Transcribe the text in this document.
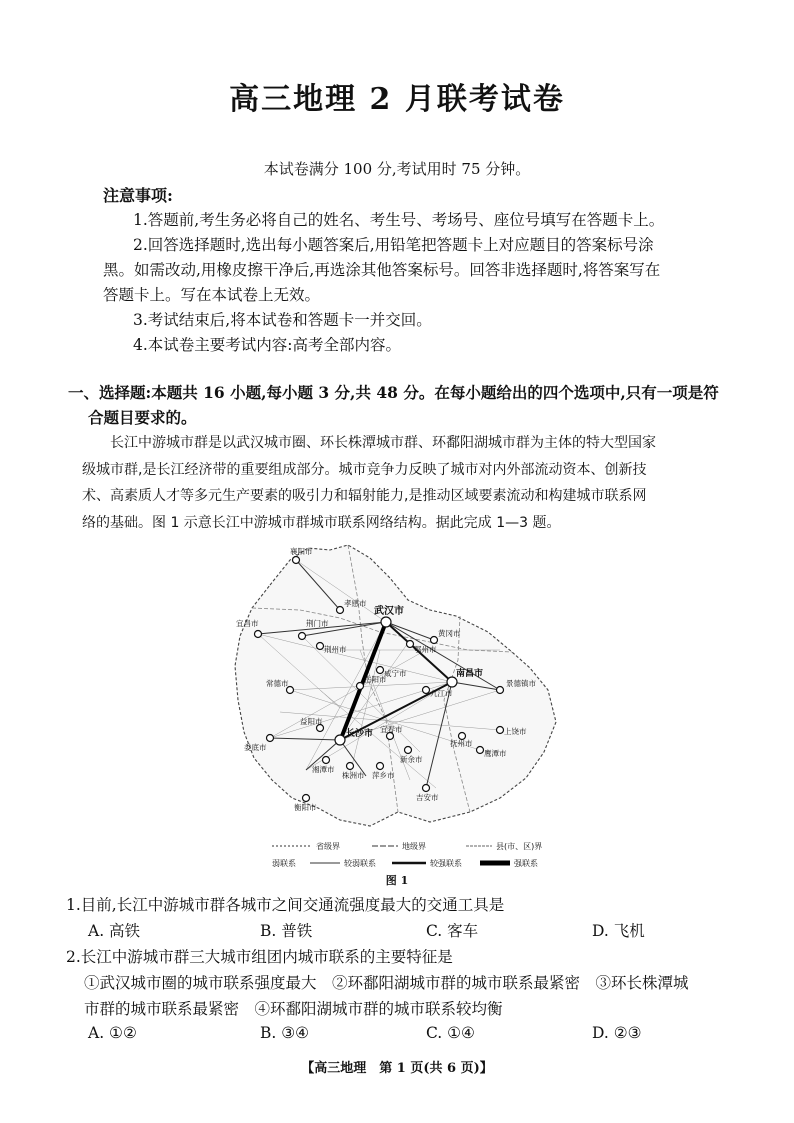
高三地理 2 月联考试卷
本试卷满分 100 分,考试用时 75 分钟。
注意事项:
1.答题前,考生务必将自己的姓名、考生号、考场号、座位号填写在答题卡上。
2.回答选择题时,选出每小题答案后,用铅笔把答题卡上对应题目的答案标号涂
黑。如需改动,用橡皮擦干净后,再选涂其他答案标号。回答非选择题时,将答案写在
答题卡上。写在本试卷上无效。
3.考试结束后,将本试卷和答题卡一并交回。
4.本试卷主要考试内容:高考全部内容。
一、选择题:本题共 16 小题,每小题 3 分,共 48 分。在每小题给出的四个选项中,只有一项是符
合题目要求的。
长江中游城市群是以武汉城市圈、环长株潭城市群、环鄱阳湖城市群为主体的特大型国家
级城市群,是长江经济带的重要组成部分。城市竞争力反映了城市对内外部流动资本、创新技
术、高素质人才等多元生产要素的吸引力和辐射能力,是推动区域要素流动和构建城市联系网
络的基础。图 1 示意长江中游城市群城市联系网络结构。据此完成 1—3 题。
襄阳市
荆门市
宜昌市
孝感市
武汉市
黄冈市
荆州市	鄂州市
咸宁市
九江市
常德市	景德镇市
益阳市
长沙市
南昌市
上饶市
娄底市
湘潭市
株洲市 萍乡市
新余市
抚州市
鹰潭市
宜春市
吉安市
衡阳市
岳阳市
省级界	地级界	县(市、区)界
弱联系	较弱联系	较强联系	强联系
图 1
1.目前,长江中游城市群各城市之间交通流强度最大的交通工具是
A. 高铁	B. 普铁	C. 客车	D. 飞机
2.长江中游城市群三大城市组团内城市联系的主要特征是
①武汉城市圈的城市联系强度最大　②环鄱阳湖城市群的城市联系最紧密　③环长株潭城
市群的城市联系最紧密　④环鄱阳湖城市群的城市联系较均衡
A. ①②	B. ③④	C. ①④	D. ②③
【高三地理　第 1 页(共 6 页)】
